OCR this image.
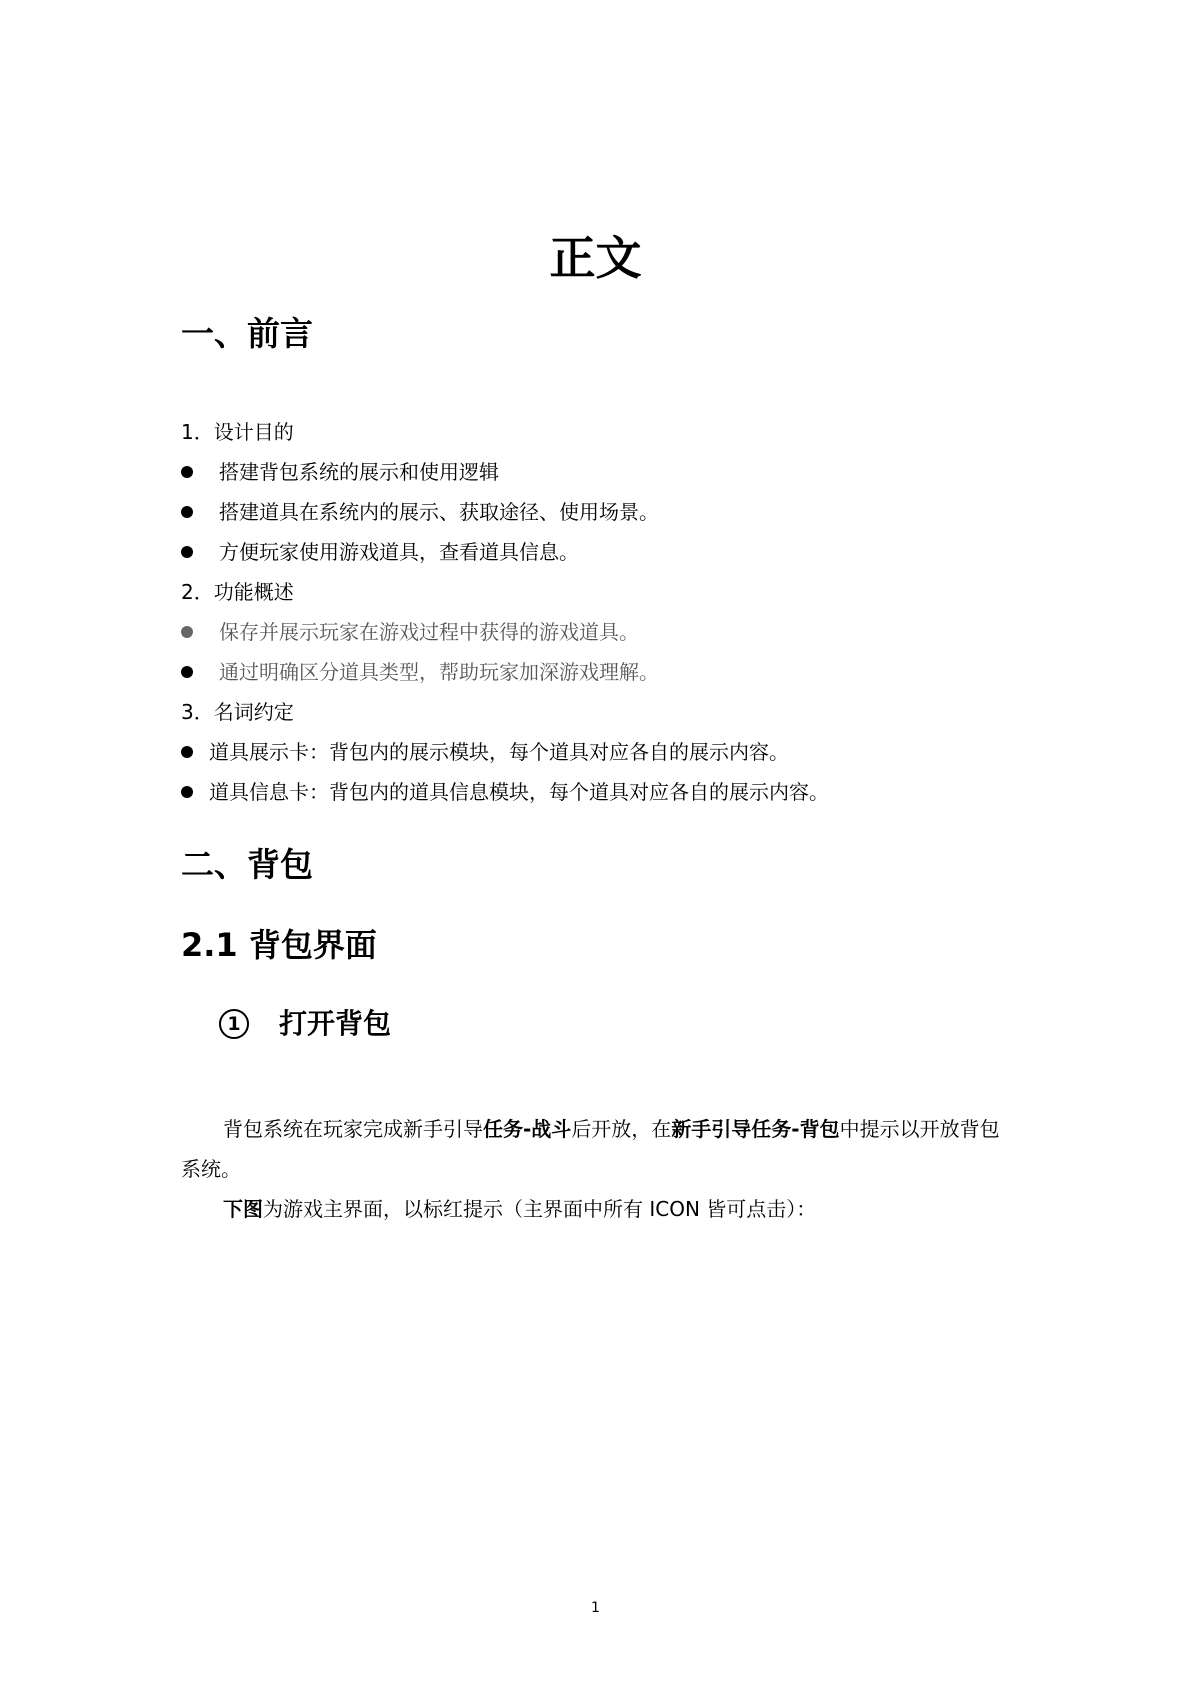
正文
一、前言
1．设计目的
搭建背包系统的展示和使用逻辑
搭建道具在系统内的展示、获取途径、使用场景。
方便玩家使用游戏道具，查看道具信息。
2．功能概述
保存并展示玩家在游戏过程中获得的游戏道具。
通过明确区分道具类型，帮助玩家加深游戏理解。
3．名词约定
道具展示卡：背包内的展示模块，每个道具对应各自的展示内容。
道具信息卡：背包内的道具信息模块，每个道具对应各自的展示内容。
二、背包
2.1 背包界面
1 打开背包
背包系统在玩家完成新手引导任务-战斗后开放，在新手引导任务-背包中提示以开放背包系统。
下图为游戏主界面，以标红提示（主界面中所有 ICON 皆可点击）：
1
